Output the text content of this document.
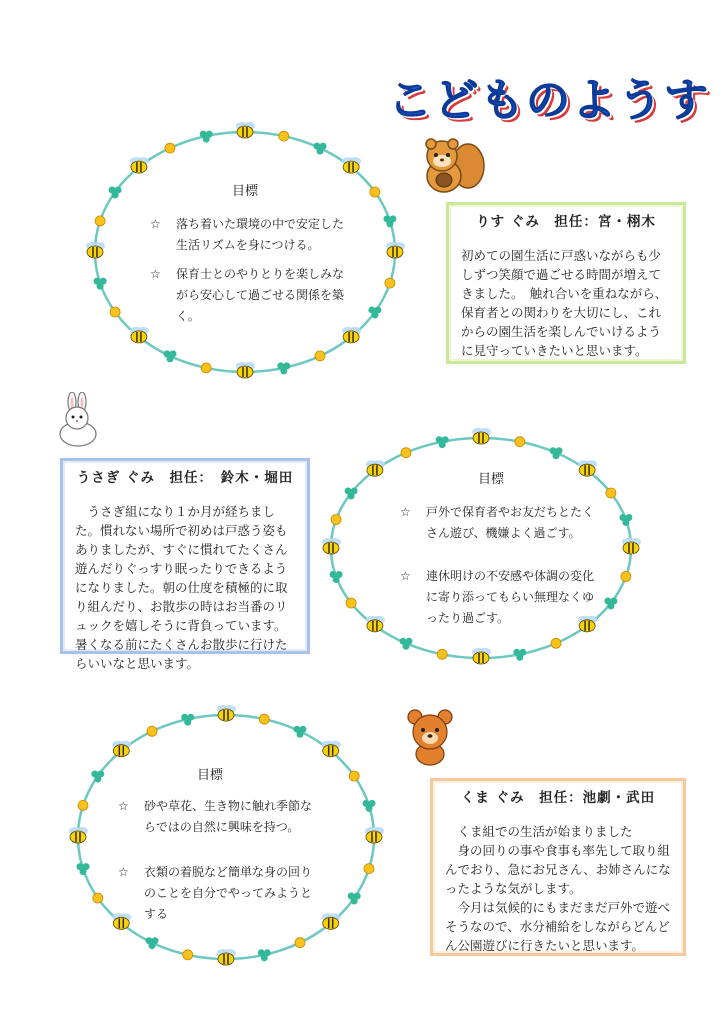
こどものようす
目標
☆ 落ち着いた環境の中で安定した生活リズムを身につける。
☆ 保育士とのやりとりを楽しみながら安心して過ごせる関係を築く。
りす ぐみ　担任：宮・栩木
初めての園生活に戸惑いながらも少しずつ笑顔で過ごせる時間が増えてきました。　触れ合いを重ねながら、保育者との関わりを大切にし、これからの園生活を楽しんでいけるように見守っていきたいと思います。
うさぎ ぐみ　担任：　鈴木・堀田
　うさぎ組になり１か月が経ちました。慣れない場所で初めは戸惑う姿もありましたが、すぐに慣れてたくさん遊んだりぐっすり眠ったりできるようになりました。朝の仕度を積極的に取り組んだり、お散歩の時はお当番のリュックを嬉しそうに背負っています。
暑くなる前にたくさんお散歩に行けたらいいなと思います。
目標
☆ 戸外で保育者やお友だちとたくさん遊び、機嫌よく過ごす。
☆ 連休明けの不安感や体調の変化に寄り添ってもらい無理なくゆったり過ごす。
目標
☆ 砂や草花、生き物に触れ季節ならではの自然に興味を持つ。
☆ 衣類の着脱など簡単な身の回りのことを自分でやってみようとする
くま ぐみ　担任：池劇・武田
　くま組での生活が始まりました
　身の回りの事や食事も率先して取り組んでおり、急にお兄さん、お姉さんになったような気がします。
　今月は気候的にもまだまだ戸外で遊べそうなので、水分補給をしながらどんどん公園遊びに行きたいと思います。
